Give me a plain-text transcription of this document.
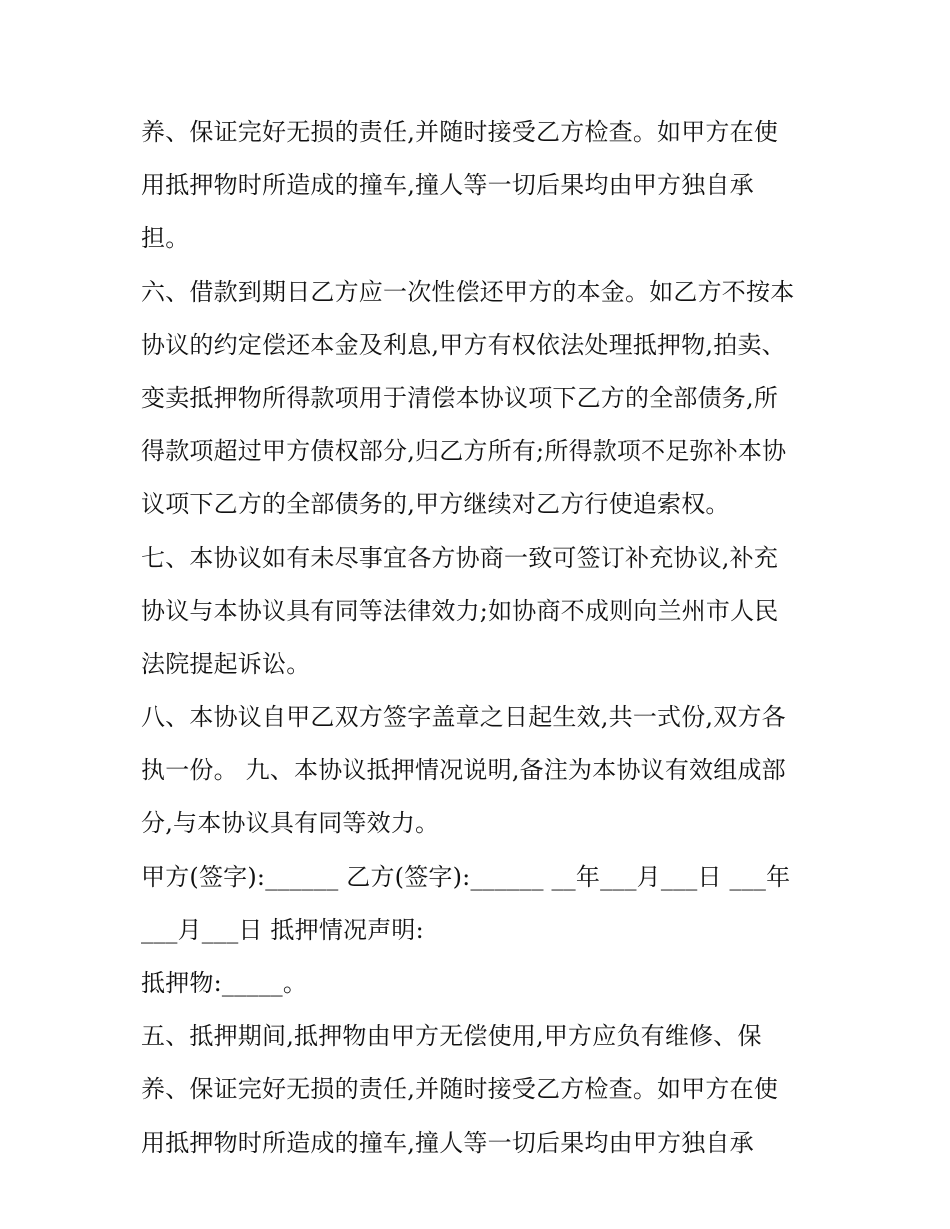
养、保证完好无损的责任,并随时接受乙方检查。如甲方在使
用抵押物时所造成的撞车,撞人等一切后果均由甲方独自承
担。
六、借款到期日乙方应一次性偿还甲方的本金。如乙方不按本
协议的约定偿还本金及利息,甲方有权依法处理抵押物,拍卖、
变卖抵押物所得款项用于清偿本协议项下乙方的全部债务,所
得款项超过甲方债权部分,归乙方所有;所得款项不足弥补本协
议项下乙方的全部债务的,甲方继续对乙方行使追索权。
七、本协议如有未尽事宜各方协商一致可签订补充协议,补充
协议与本协议具有同等法律效力;如协商不成则向兰州市人民
法院提起诉讼。
八、本协议自甲乙双方签字盖章之日起生效,共一式份,双方各
执一份。 九、本协议抵押情况说明,备注为本协议有效组成部
分,与本协议具有同等效力。
甲方(签字):______ 乙方(签字):______ __年___月___日 ___年
___月___日 抵押情况声明:
抵押物:_____。
五、抵押期间,抵押物由甲方无偿使用,甲方应负有维修、保
养、保证完好无损的责任,并随时接受乙方检查。如甲方在使
用抵押物时所造成的撞车,撞人等一切后果均由甲方独自承
